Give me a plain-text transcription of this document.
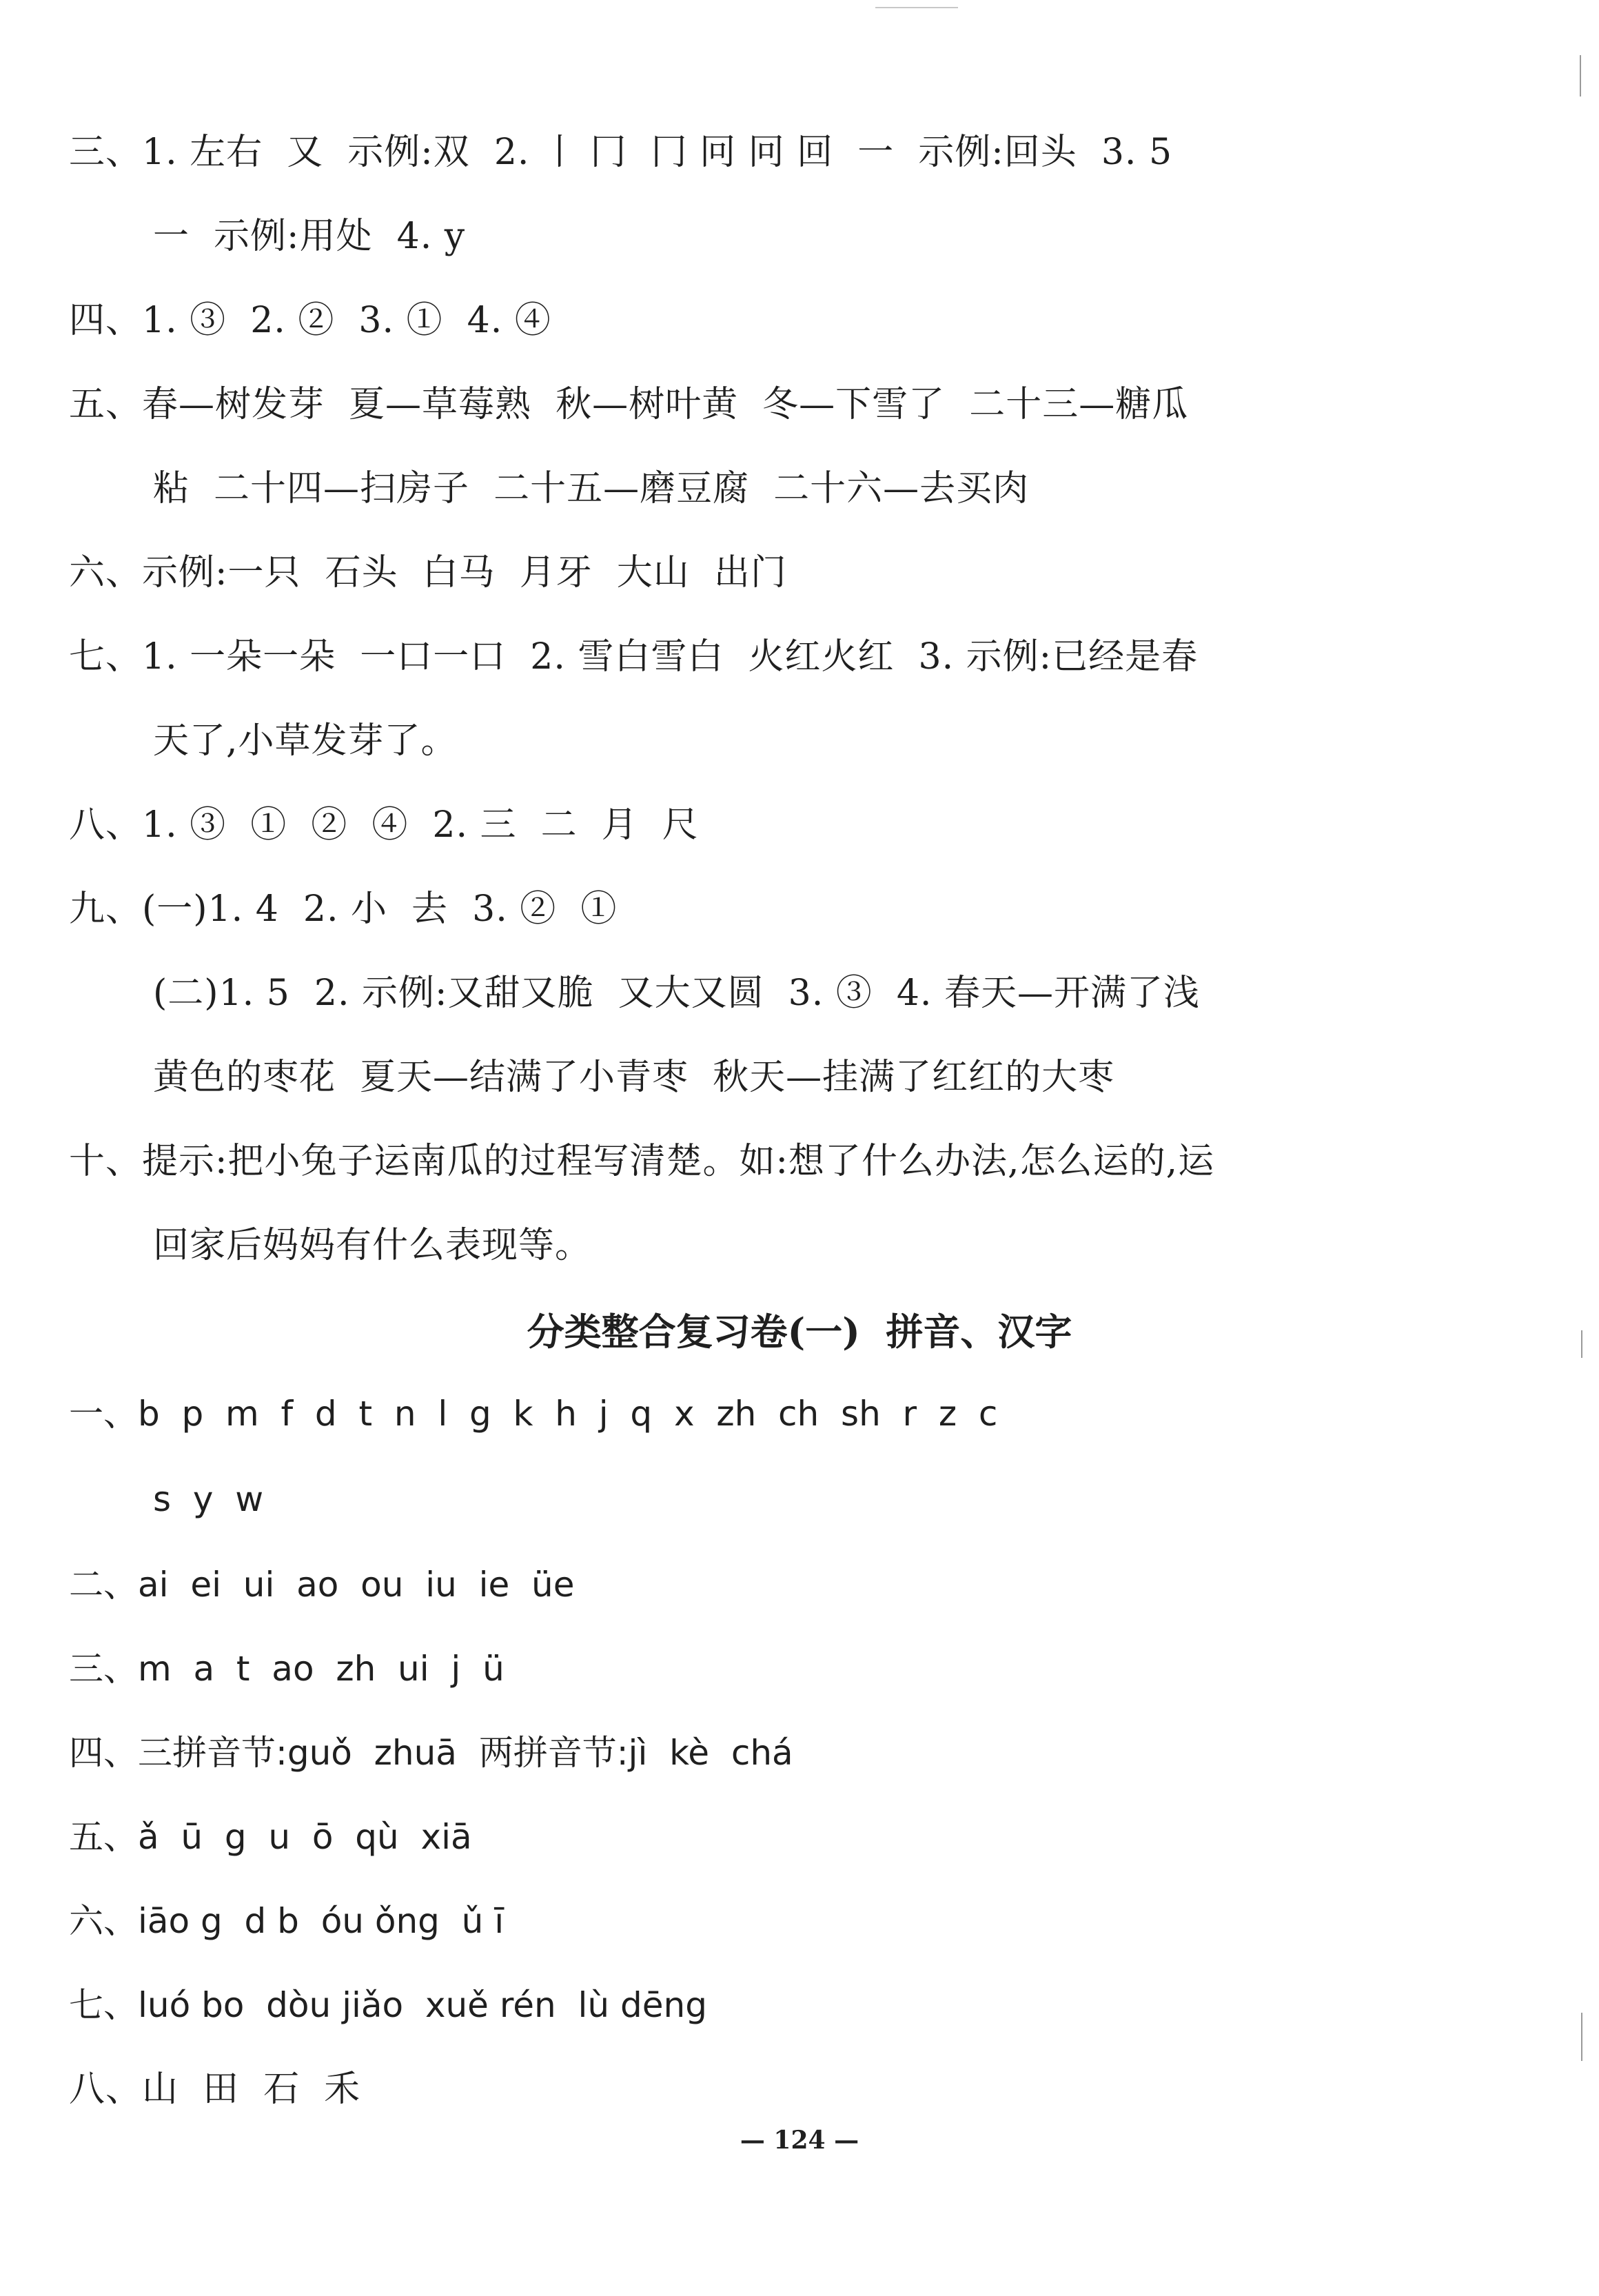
三、1. 左右  又  示例:双  2. 丨 冂  冂 冋 冋 回  一  示例:回头  3. 5
一  示例:用处  4. y
四、1. ③  2. ②  3. ①  4. ④
五、春—树发芽  夏—草莓熟  秋—树叶黄  冬—下雪了  二十三—糖瓜
粘  二十四—扫房子  二十五—磨豆腐  二十六—去买肉
六、示例:一只  石头  白马  月牙  大山  出门
七、1. 一朵一朵  一口一口  2. 雪白雪白  火红火红  3. 示例:已经是春
天了,小草发芽了。
八、1. ③  ①  ②  ④  2. 三  二  月  尺
九、(一)1. 4  2. 小  去  3. ②  ①
(二)1. 5  2. 示例:又甜又脆  又大又圆  3. ③  4. 春天—开满了浅
黄色的枣花  夏天—结满了小青枣  秋天—挂满了红红的大枣
十、提示:把小兔子运南瓜的过程写清楚。如:想了什么办法,怎么运的,运
回家后妈妈有什么表现等。
分类整合复习卷(一)  拼音、汉字
一、b  p  m  f  d  t  n  l  g  k  h  j  q  x  zh  ch  sh  r  z  c
s  y  w
二、ai  ei  ui  ao  ou  iu  ie  üe
三、m  a  t  ao  zh  ui  j  ü
四、三拼音节:guǒ  zhuā  两拼音节:jì  kè  chá
五、ǎ  ū  g  u  ō  qù  xiā
六、iāo g  d b  óu ǒng  ǔ ī
七、luó bo  dòu jiǎo  xuě rén  lù dēng
八、山  田  石  禾
— 124 —
